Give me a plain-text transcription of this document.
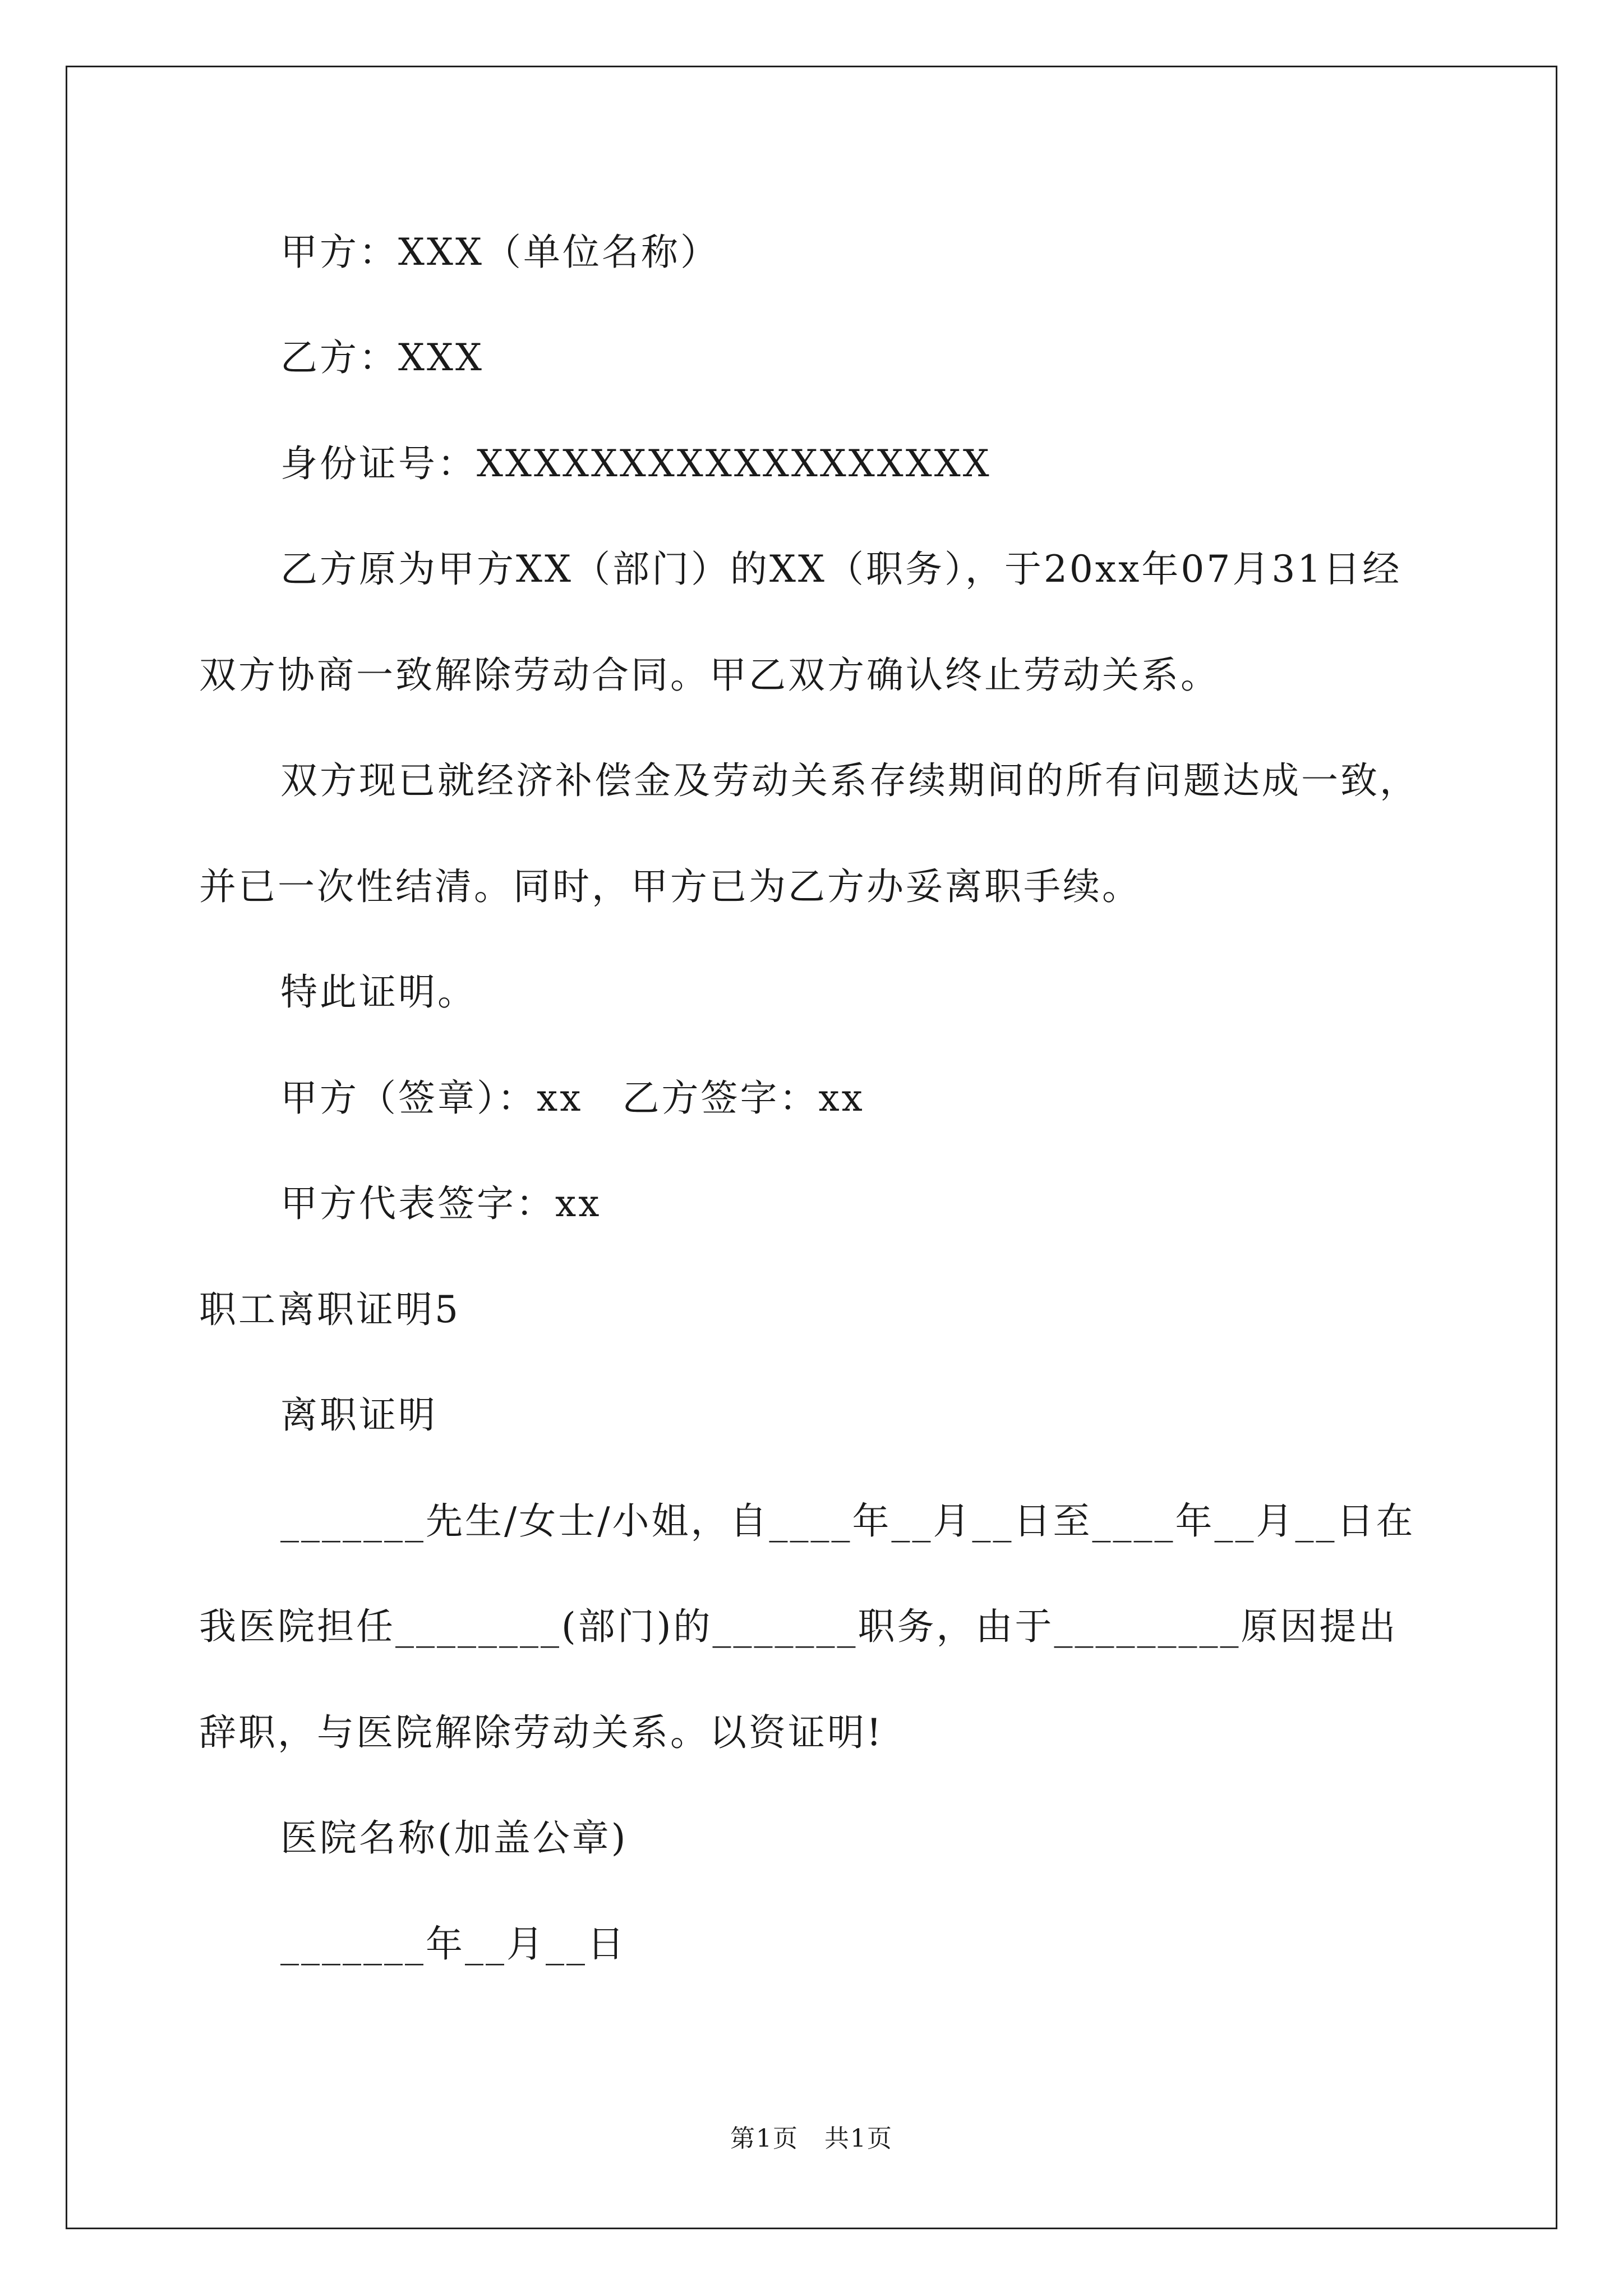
甲方：XXX（单位名称）
乙方：XXX
身份证号：XXXXXXXXXXXXXXXXXX
乙方原为甲方XX（部门）的XX（职务），于20xx年07月31日经
双方协商一致解除劳动合同。甲乙双方确认终止劳动关系。
双方现已就经济补偿金及劳动关系存续期间的所有问题达成一致，
并已一次性结清。同时，甲方已为乙方办妥离职手续。
特此证明。
甲方（签章）：xx　乙方签字：xx
甲方代表签字：xx
职工离职证明5
离职证明
_______先生/女士/小姐，自____年__月__日至____年__月__日在
我医院担任________(部门)的_______职务，由于_________原因提出
辞职，与医院解除劳动关系。以资证明!
医院名称(加盖公章)
_______年__月__日
第1页　共1页
